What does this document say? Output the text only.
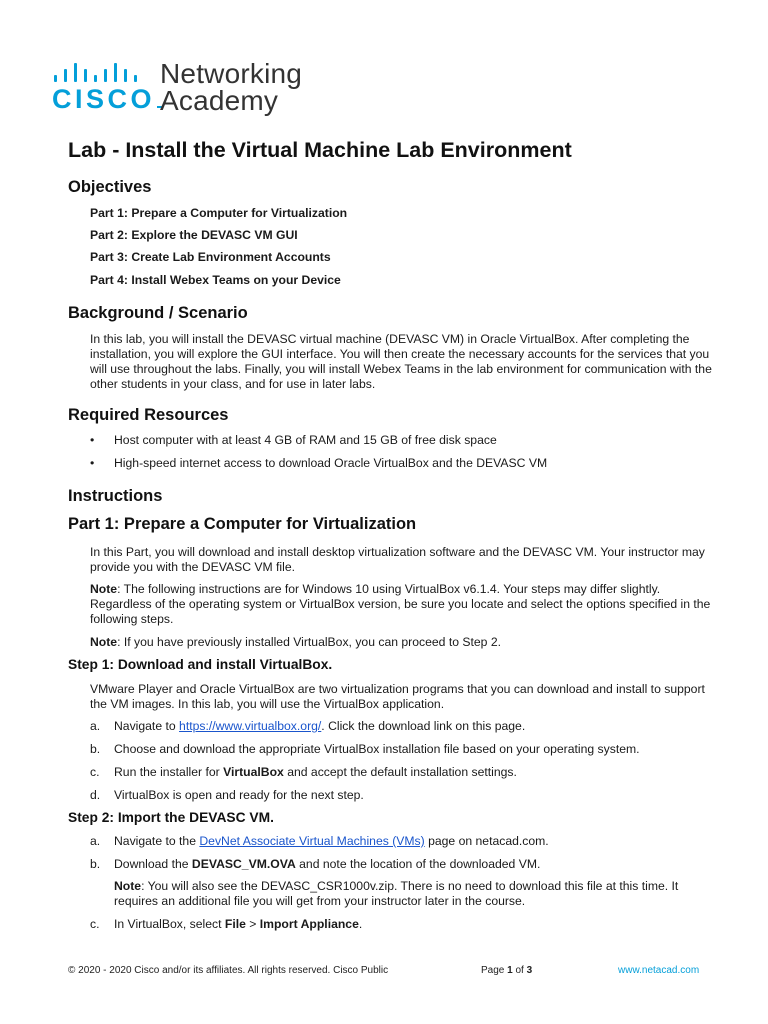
CISCO
Networking
Academy
Lab - Install the Virtual Machine Lab Environment
Objectives
Part 1: Prepare a Computer for Virtualization
Part 2: Explore the DEVASC VM GUI
Part 3: Create Lab Environment Accounts
Part 4: Install Webex Teams on your Device
Background / Scenario

In this lab, you will install the DEVASC virtual machine (DEVASC VM) in Oracle VirtualBox. After completing the installation, you will explore the GUI interface. You will then create the necessary accounts for the services that you will use throughout the labs. Finally, you will install Webex Teams in the lab environment for communication with the other students in your class, and for use in later labs.

Required Resources
• Host computer with at least 4 GB of RAM and 15 GB of free disk space
• High-speed internet access to download Oracle VirtualBox and the DEVASC VM
Instructions
Part 1: Prepare a Computer for Virtualization

In this Part, you will download and install desktop virtualization software and the DEVASC VM. Your instructor may provide you with the DEVASC VM file.

Note: The following instructions are for Windows 10 using VirtualBox v6.1.4. Your steps may differ slightly. Regardless of the operating system or VirtualBox version, be sure you locate and select the options specified in the following steps.

Note: If you have previously installed VirtualBox, you can proceed to Step 2.

Step 1: Download and install VirtualBox.

VMware Player and Oracle VirtualBox are two virtualization programs that you can download and install to support the VM images. In this lab, you will use the VirtualBox application.

a. Navigate to https://www.virtualbox.org/. Click the download link on this page.
b. Choose and download the appropriate VirtualBox installation file based on your operating system.
c. Run the installer for VirtualBox and accept the default installation settings.
d. VirtualBox is open and ready for the next step.
Step 2: Import the DEVASC VM.
a. Navigate to the DevNet Associate Virtual Machines (VMs) page on netacad.com.
b. Download the DEVASC_VM.OVA and note the location of the downloaded VM.

Note: You will also see the DEVASC_CSR1000v.zip. There is no need to download this file at this time. It requires an additional file you will get from your instructor later in the course.

c. In VirtualBox, select File > Import Appliance.
© 2020 - 2020 Cisco and/or its affiliates. All rights reserved. Cisco Public	Page 1 of 3	www.netacad.com
